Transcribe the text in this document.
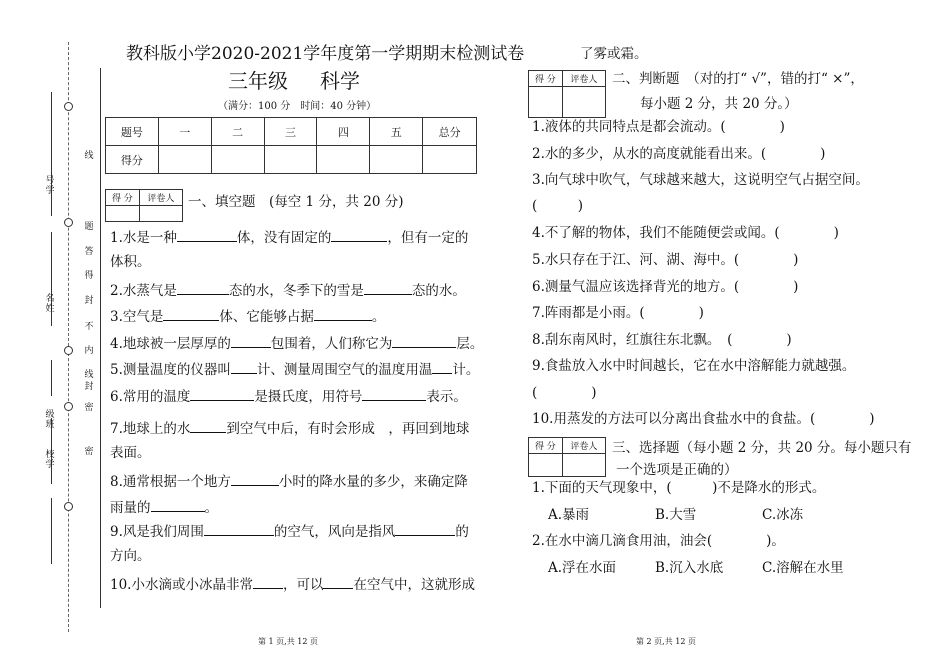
号学
名姓
级班
校学
线
题
答
得
封
不
内
线
封
密
密
教科版小学2020-2021学年度第一学期期末检测试卷
三年级 科学
（满分：100 分　时间：40 分钟）
题号	一	二	三	四	五	总分
得分						
得 分	评卷人
	一、填空题　(每空 1 分，共 20 分)
1.水是一种	体，没有固定的	，但有一定的
体积。
2.水蒸气是	态的水，冬季下的雪是	态的水。
3.空气是	体、它能够占据	。
4.地球被一层厚厚的	包围着，人们称它为	层。
5.测量温度的仪器叫 计、测量周围空气的温度用温 计。
6.常用的温度	是摄氏度，用符号	表示。
7.地球上的水	到空气中后，有时会形成　，再回到地球
表面。
8.通常根据一个地方	小时的降水量的多少，来确定降
雨量的	。
9.风是我们周围	的空气，风向是指风	的
方向。
10.小水滴或小冰晶非常 ，可以 在空气中，这就形成
第 1 页,共 12 页
了雾或霜。
得 分	评卷人
	二、判断题　（对的打“ √”，错的打“ ×”，
每小题 2 分，共 20 分。）
1.液体的共同特点是都会流动。(　　　　)
2.水的多少，从水的高度就能看出来。(　　　　)
3.向气球中吹气，气球越来越大，这说明空气占据空间。
(　　　)
4.不了解的物体，我们不能随便尝或闻。(　　　　)
5.水只存在于江、河、湖、海中。(　　　　)
6.测量气温应该选择背光的地方。(　　　　)
7.阵雨都是小雨。(　　　　)
8.刮东南风时，红旗往东北飘。　(　　　　)
9.食盐放入水中时间越长，它在水中溶解能力就越强。
(　　　　)
10.用蒸发的方法可以分离出食盐水中的食盐。(　　　　)
得 分	评卷人
	三、选择题（每小题 2 分，共 20 分。每小题只有
一个选项是正确的）
1.下面的天气现象中，(　　　)不是降水的形式。
A.暴雨	B.大雪	C.冰冻
2.在水中滴几滴食用油，油会(　　　　)。
A.浮在水面	B.沉入水底	C.溶解在水里
第 2 页,共 12 页
